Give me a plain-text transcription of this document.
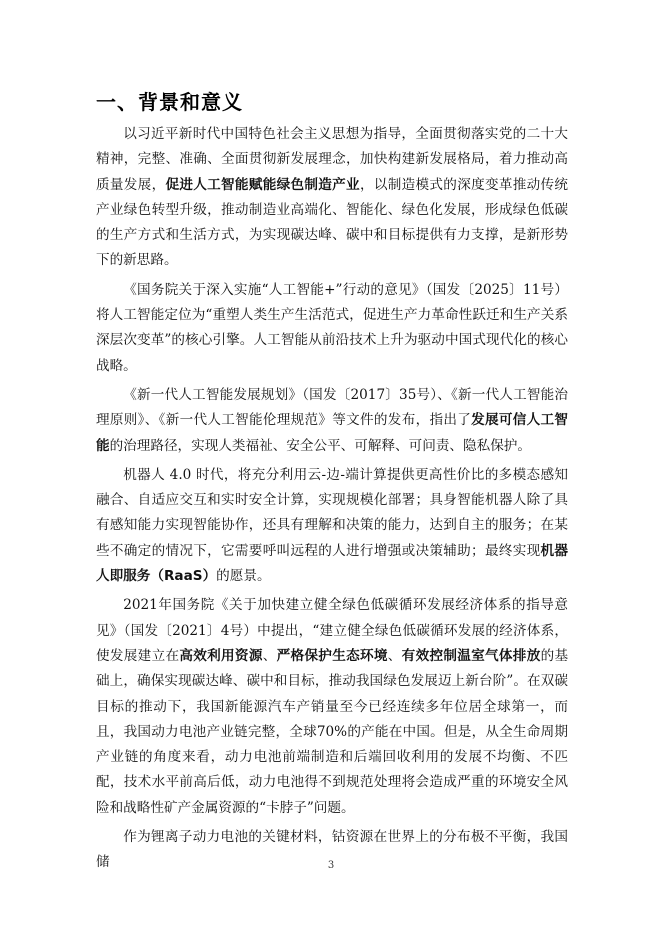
一、背景和意义

以习近平新时代中国特色社会主义思想为指导，全面贯彻落实党的二十大精神，完整、准确、全面贯彻新发展理念，加快构建新发展格局，着力推动高质量发展，促进人工智能赋能绿色制造产业，以制造模式的深度变革推动传统产业绿色转型升级，推动制造业高端化、智能化、绿色化发展，形成绿色低碳的生产方式和生活方式，为实现碳达峰、碳中和目标提供有力支撑，是新形势下的新思路。

《国务院关于深入实施“人工智能+”行动的意见》（国发〔2025〕11号）将人工智能定位为“重塑人类生产生活范式，促进生产力革命性跃迁和生产关系深层次变革”的核心引擎。人工智能从前沿技术上升为驱动中国式现代化的核心战略。

《新一代人工智能发展规划》（国发〔2017〕35号）、《新一代人工智能治理原则》、《新一代人工智能伦理规范》等文件的发布，指出了发展可信人工智能的治理路径，实现人类福祉、安全公平、可解释、可问责、隐私保护。

机器人 4.0 时代，将充分利用云-边-端计算提供更高性价比的多模态感知融合、自适应交互和实时安全计算，实现规模化部署；具身智能机器人除了具有感知能力实现智能协作，还具有理解和决策的能力，达到自主的服务；在某些不确定的情况下，它需要呼叫远程的人进行增强或决策辅助；最终实现机器人即服务（RaaS）的愿景。

2021年国务院《关于加快建立健全绿色低碳循环发展经济体系的指导意见》（国发〔2021〕4号）中提出，“建立健全绿色低碳循环发展的经济体系，使发展建立在高效利用资源、严格保护生态环境、有效控制温室气体排放的基础上，确保实现碳达峰、碳中和目标，推动我国绿色发展迈上新台阶”。在双碳目标的推动下，我国新能源汽车产销量至今已经连续多年位居全球第一，而且，我国动力电池产业链完整，全球70%的产能在中国。但是，从全生命周期产业链的角度来看，动力电池前端制造和后端回收利用的发展不均衡、不匹配，技术水平前高后低，动力电池得不到规范处理将会造成严重的环境安全风险和战略性矿产金属资源的“卡脖子”问题。

作为锂离子动力电池的关键材料，钴资源在世界上的分布极不平衡，我国储	3
